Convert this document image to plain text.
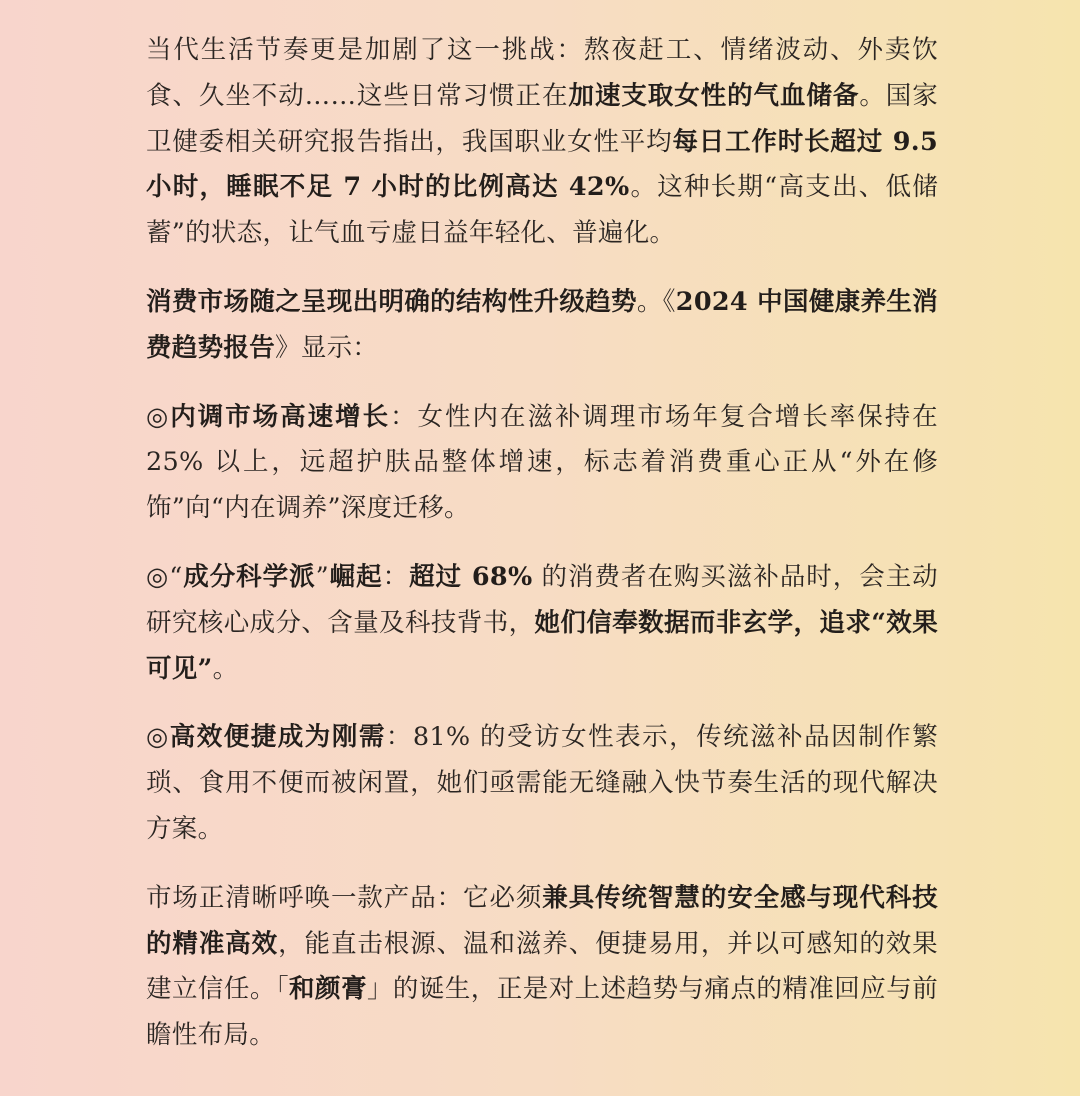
当代生活节奏更是加剧了这一挑战：熬夜赶工、情绪波动、外卖饮食、久坐不动……这些日常习惯正在加速支取女性的气血储备。国家卫健委相关研究报告指出，我国职业女性平均每日工作时长超过 9.5 小时，睡眠不足 7 小时的比例高达 42%。这种长期“高支出、低储蓄”的状态，让气血亏虚日益年轻化、普遍化。

消费市场随之呈现出明确的结构性升级趋势。《2024 中国健康养生消费趋势报告》显示：

◎内调市场高速增长：女性内在滋补调理市场年复合增长率保持在 25% 以上，远超护肤品整体增速，标志着消费重心正从“外在修饰”向“内在调养”深度迁移。

◎“成分科学派”崛起：超过 68% 的消费者在购买滋补品时，会主动研究核心成分、含量及科技背书，她们信奉数据而非玄学，追求“效果可见”。

◎高效便捷成为刚需：81% 的受访女性表示，传统滋补品因制作繁琐、食用不便而被闲置，她们亟需能无缝融入快节奏生活的现代解决方案。

市场正清晰呼唤一款产品：它必须兼具传统智慧的安全感与现代科技的精准高效，能直击根源、温和滋养、便捷易用，并以可感知的效果建立信任。「和颜膏」的诞生，正是对上述趋势与痛点的精准回应与前瞻性布局。
